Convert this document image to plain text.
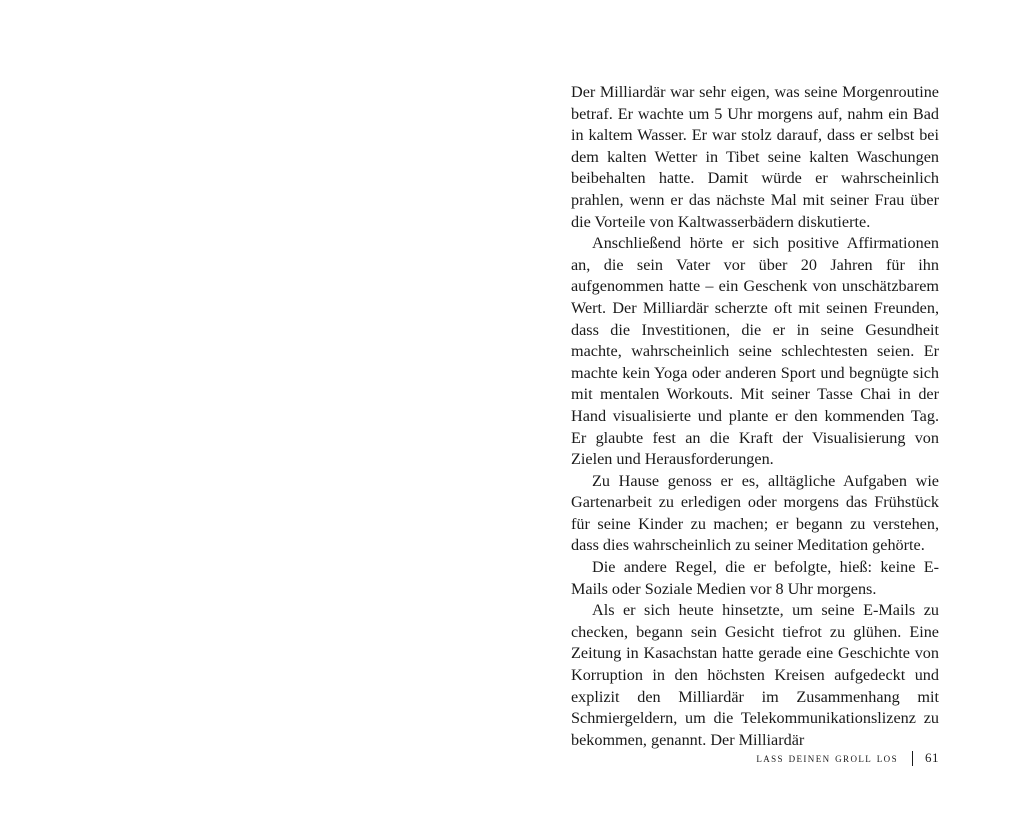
Der Milliardär war sehr eigen, was seine Morgenroutine betraf. Er wachte um 5 Uhr morgens auf, nahm ein Bad in kaltem Wasser. Er war stolz darauf, dass er selbst bei dem kalten Wetter in Tibet seine kalten Waschungen beibehalten hatte. Damit würde er wahrscheinlich prahlen, wenn er das nächste Mal mit seiner Frau über die Vorteile von Kaltwasserbädern diskutierte.

Anschließend hörte er sich positive Affirmationen an, die sein Vater vor über 20 Jahren für ihn aufgenommen hatte – ein Geschenk von unschätzbarem Wert. Der Milliardär scherzte oft mit seinen Freunden, dass die Investitionen, die er in seine Gesundheit machte, wahrscheinlich seine schlechtesten seien. Er machte kein Yoga oder anderen Sport und begnügte sich mit mentalen Workouts. Mit seiner Tasse Chai in der Hand visualisierte und plante er den kommenden Tag. Er glaubte fest an die Kraft der Visualisierung von Zielen und Herausforderungen.

Zu Hause genoss er es, alltägliche Aufgaben wie Gartenarbeit zu erledigen oder morgens das Frühstück für seine Kinder zu machen; er begann zu verstehen, dass dies wahrscheinlich zu seiner Meditation gehörte.

Die andere Regel, die er befolgte, hieß: keine E-Mails oder Soziale Medien vor 8 Uhr morgens.

Als er sich heute hinsetzte, um seine E-Mails zu checken, begann sein Gesicht tiefrot zu glühen. Eine Zeitung in Kasachstan hatte gerade eine Geschichte von Korruption in den höchsten Kreisen aufgedeckt und explizit den Milliardär im Zusammenhang mit Schmiergeldern, um die Telekommunikationslizenz zu bekommen, genannt. Der Milliardär

lass deinen groll los 61
